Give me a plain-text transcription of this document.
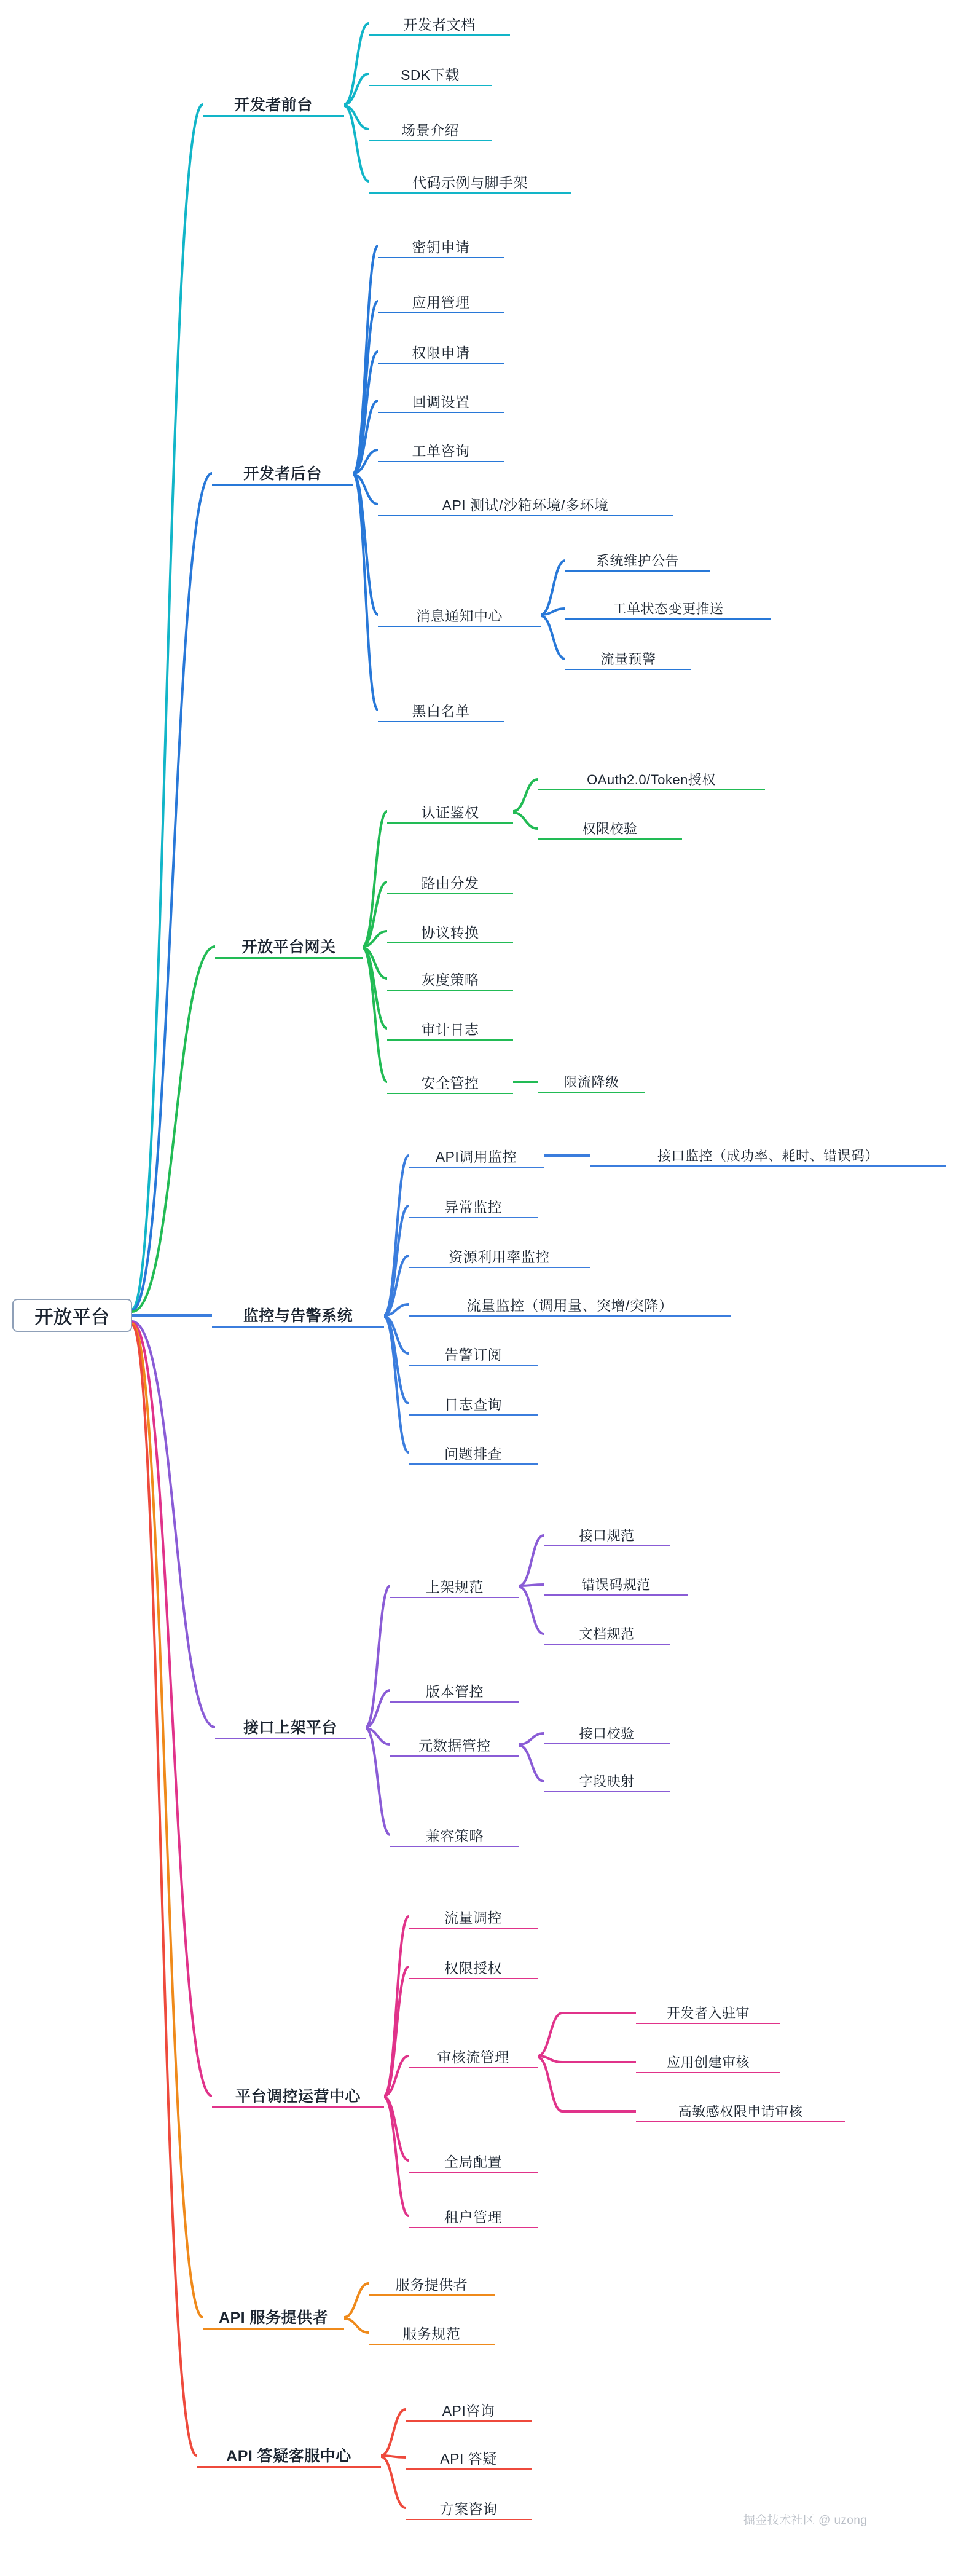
开放平台
开发者前台
开发者文档
SDK下载
场景介绍
代码示例与脚手架
开发者后台
密钥申请
应用管理
权限申请
回调设置
工单咨询
API 测试/沙箱环境/多环境
消息通知中心
系统维护公告
工单状态变更推送
流量预警
黑白名单
开放平台网关
认证鉴权
OAuth2.0/Token授权
权限校验
路由分发
协议转换
灰度策略
审计日志
安全管控	限流降级
监控与告警系统
API调用监控	接口监控（成功率、耗时、错误码）
异常监控
资源利用率监控
流量监控（调用量、突增/突降）
告警订阅
日志查询
问题排查
接口上架平台
上架规范
接口规范
错误码规范
文档规范
版本管控
元数据管控
接口校验
字段映射
兼容策略
平台调控运营中心
流量调控
权限授权
审核流管理
开发者入驻审
应用创建审核
高敏感权限申请审核
全局配置
租户管理
API 服务提供者
服务提供者
服务规范
API 答疑客服中心
API咨询
API 答疑
方案咨询
掘金技术社区 @ uzong
